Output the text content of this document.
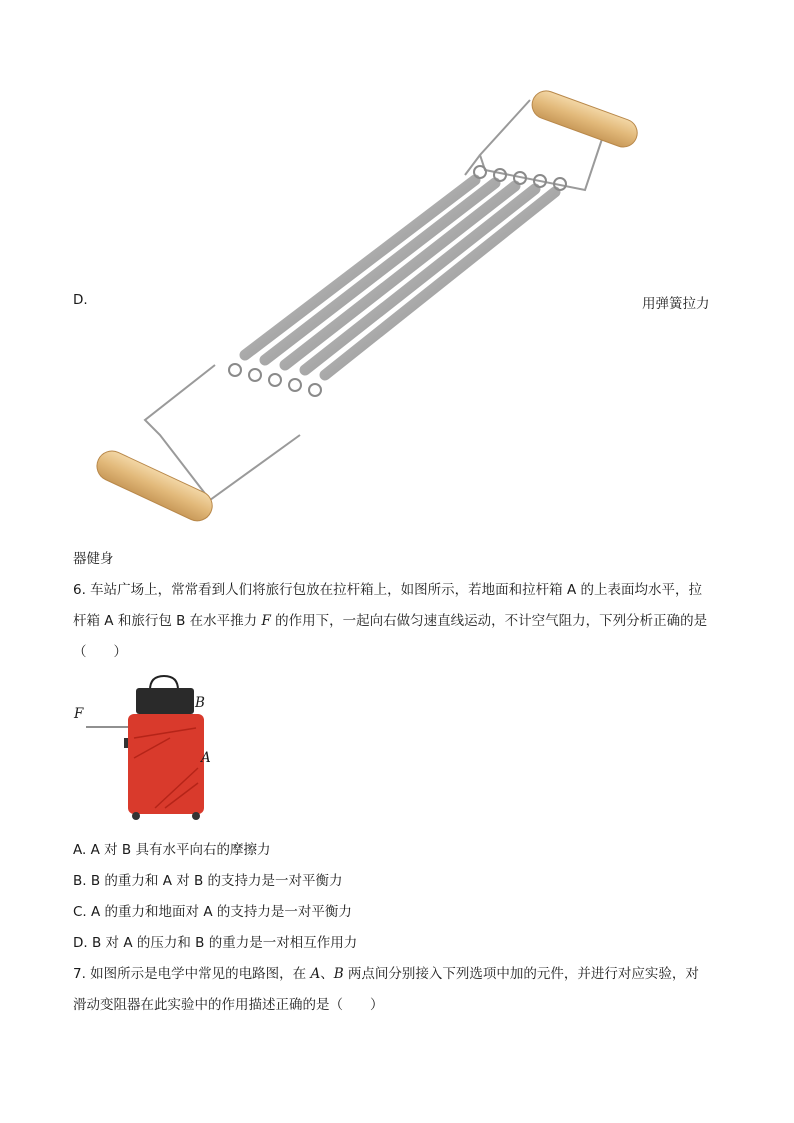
D.	用弹簧拉力
器健身
6. 车站广场上，常常看到人们将旅行包放在拉杆箱上，如图所示，若地面和拉杆箱 A 的上表面均水平，拉
杆箱 A 和旅行包 B 在水平推力 F 的作用下，一起向右做匀速直线运动，不计空气阻力，下列分析正确的是
（　　）
F
B
A
A. A 对 B 具有水平向右的摩擦力
B. B 的重力和 A 对 B 的支持力是一对平衡力
C. A 的重力和地面对 A 的支持力是一对平衡力
D. B 对 A 的压力和 B 的重力是一对相互作用力
7. 如图所示是电学中常见的电路图，在 A、B 两点间分别接入下列选项中加的元件，并进行对应实验，对
滑动变阻器在此实验中的作用描述正确的是（　　）
